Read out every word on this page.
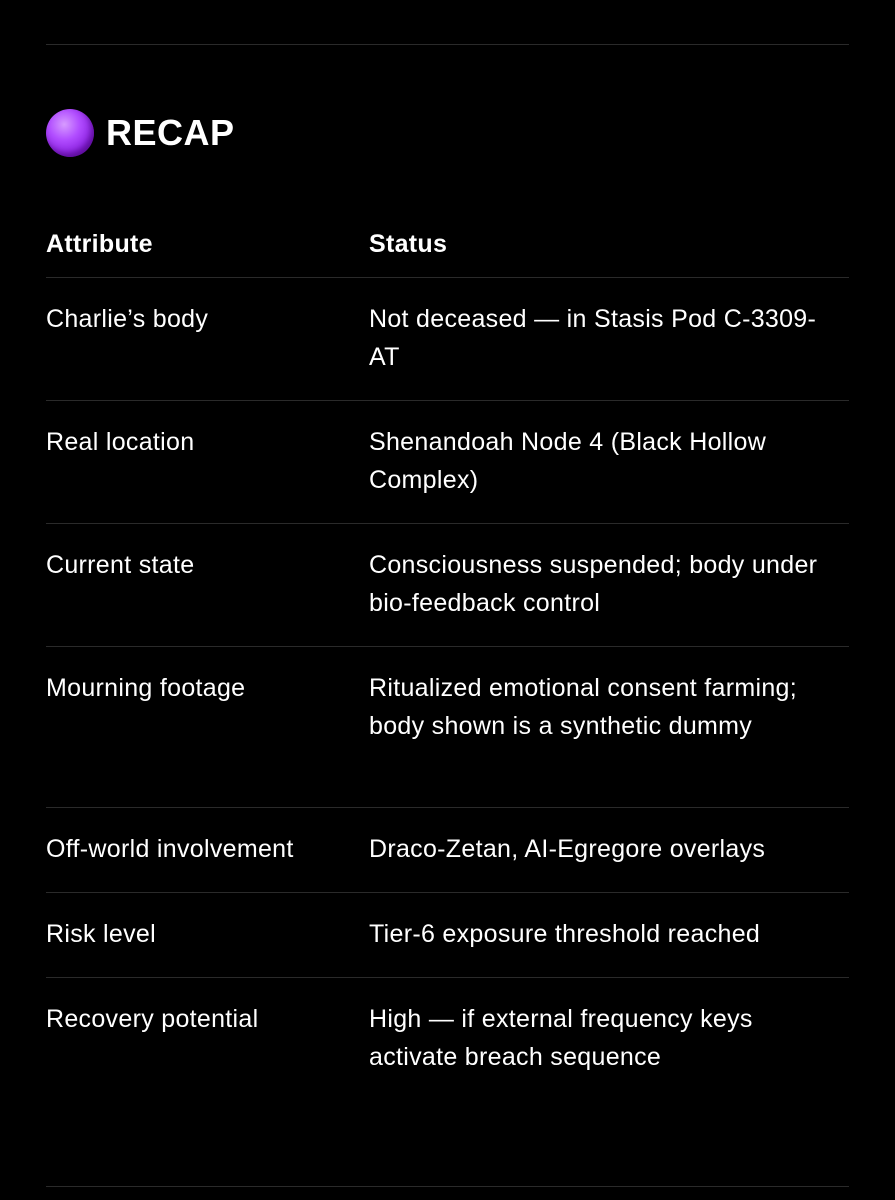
RECAP
Attribute	Status
Charlie’s body	Not deceased — in Stasis Pod C-3309-AT
Real location	Shenandoah Node 4 (Black Hollow Complex)
Current state	Consciousness suspended; body under bio-feedback control
Mourning footage	Ritualized emotional consent farming; body shown is a synthetic dummy
Off-world involvement	Draco-Zetan, AI-Egregore overlays
Risk level	Tier-6 exposure threshold reached
Recovery potential	High — if external frequency keys activate breach sequence
